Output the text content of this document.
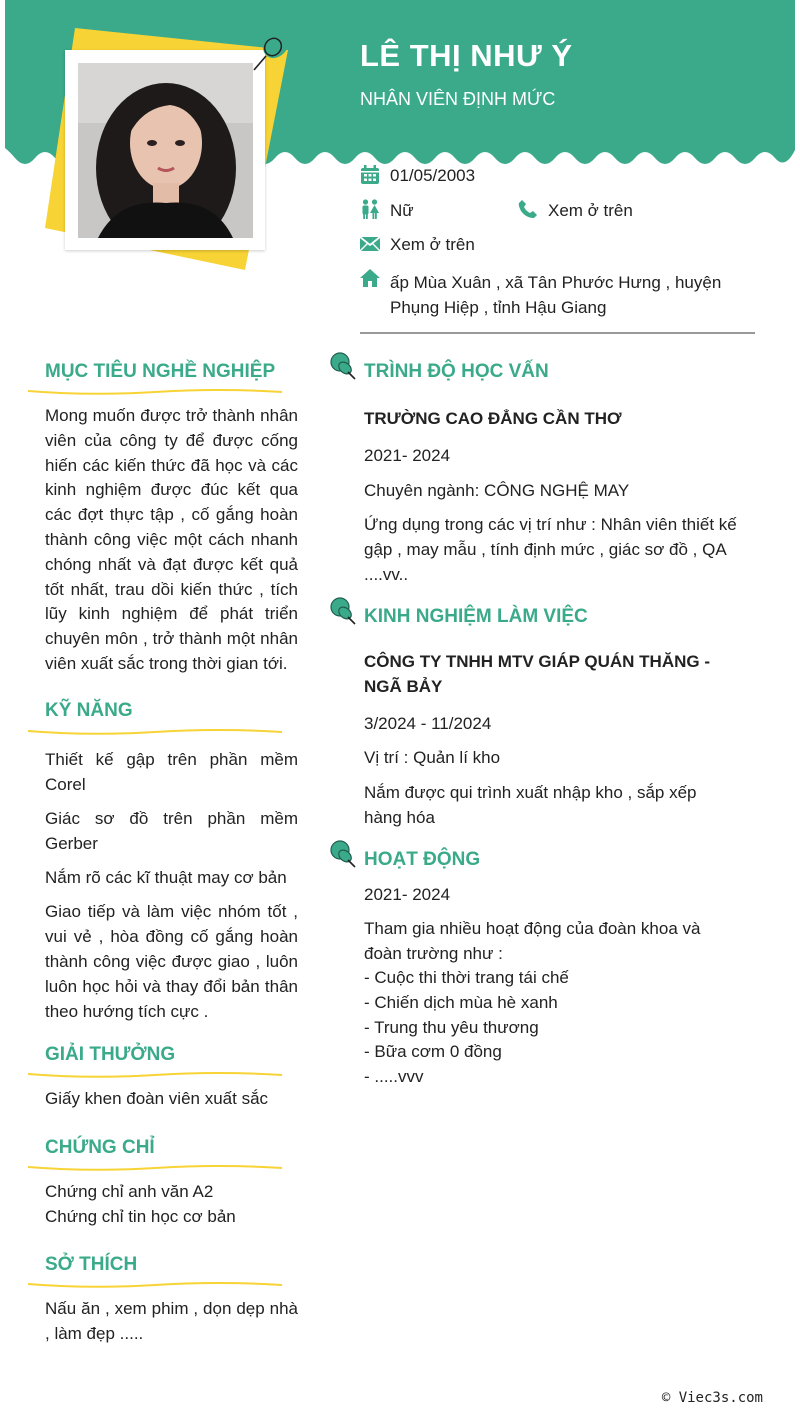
LÊ THỊ NHƯ Ý
NHÂN VIÊN ĐỊNH MỨC
01/05/2003
Nữ	Xem ở trên
Xem ở trên
ấp Mùa Xuân , xã Tân Phước Hưng , huyện Phụng Hiệp , tỉnh Hậu Giang
MỤC TIÊU NGHỀ NGHIỆP

Mong muốn được trở thành nhân viên của công ty để được cống hiến các kiến thức đã học và các kinh nghiệm được đúc kết qua các đợt thực tập , cố gắng hoàn thành công việc một cách nhanh chóng nhất và đạt được kết quả tốt nhất, trau dồi kiến thức , tích lũy kinh nghiệm để phát triển chuyên môn , trở thành một nhân viên xuất sắc trong thời gian tới.

KỸ NĂNG

Thiết kế gập trên phần mềm Corel

Giác sơ đồ trên phần mềm Gerber

Nắm rõ các kĩ thuật may cơ bản

Giao tiếp và làm việc nhóm tốt , vui vẻ , hòa đồng cố gắng hoàn thành công việc được giao , luôn luôn học hỏi và thay đổi bản thân theo hướng tích cực .

GIẢI THƯỞNG

Giấy khen đoàn viên xuất sắc

CHỨNG CHỈ

Chứng chỉ anh văn A2

Chứng chỉ tin học cơ bản

SỞ THÍCH

Nấu ăn , xem phim , dọn dẹp nhà , làm đẹp .....

TRÌNH ĐỘ HỌC VẤN
TRƯỜNG CAO ĐẲNG CẦN THƠ
2021- 2024
Chuyên ngành: CÔNG NGHỆ MAY
Ứng dụng trong các vị trí như : Nhân viên thiết kế gập , may mẫu , tính định mức , giác sơ đồ , QA ....vv..
KINH NGHIỆM LÀM VIỆC
CÔNG TY TNHH MTV GIÁP QUÁN THĂNG - NGÃ BẢY
3/2024 - 11/2024
Vị trí : Quản lí kho
Nắm được qui trình xuất nhập kho , sắp xếp hàng hóa
HOẠT ĐỘNG
2021- 2024
Tham gia nhiều hoạt động của đoàn khoa và đoàn trường như :
- Cuộc thi thời trang tái chế
- Chiến dịch mùa hè xanh
- Trung thu yêu thương
- Bữa cơm 0 đồng
- .....vvv
© Viec3s.com
